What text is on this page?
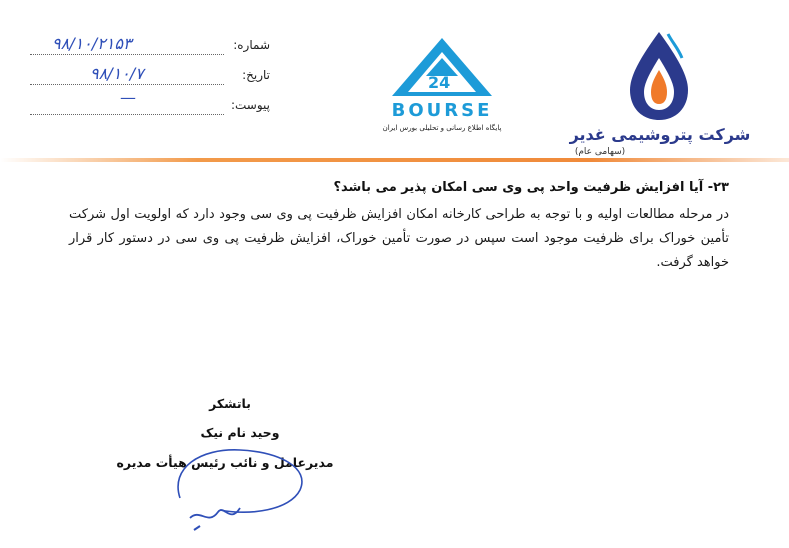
۹۸/۱۰/۲۱۵۳	شماره:
۹۸/۱۰/۷	تاریخ:
—	پیوست:
24
BOURSE
پایگاه اطلاع رسانی و تحلیلی بورس ایران	شرکت پتروشیمی غدیر
(سهامی عام)
۲۳- آیا افزایش ظرفیت واحد پی وی سی امکان پذیر می باشد؟
در مرحله مطالعات اولیه و با توجه به طراحی کارخانه امکان افزایش ظرفیت پی وی سی وجود دارد که اولویت اول شرکت تأمین خوراک برای ظرفیت موجود است سپس در صورت تأمین خوراک، افزایش ظرفیت پی وی سی در دستور کار قرار خواهد گرفت.
باتشکر
وحید نام نیک
مدیرعامل و نائب رئیس هیأت مدیره
